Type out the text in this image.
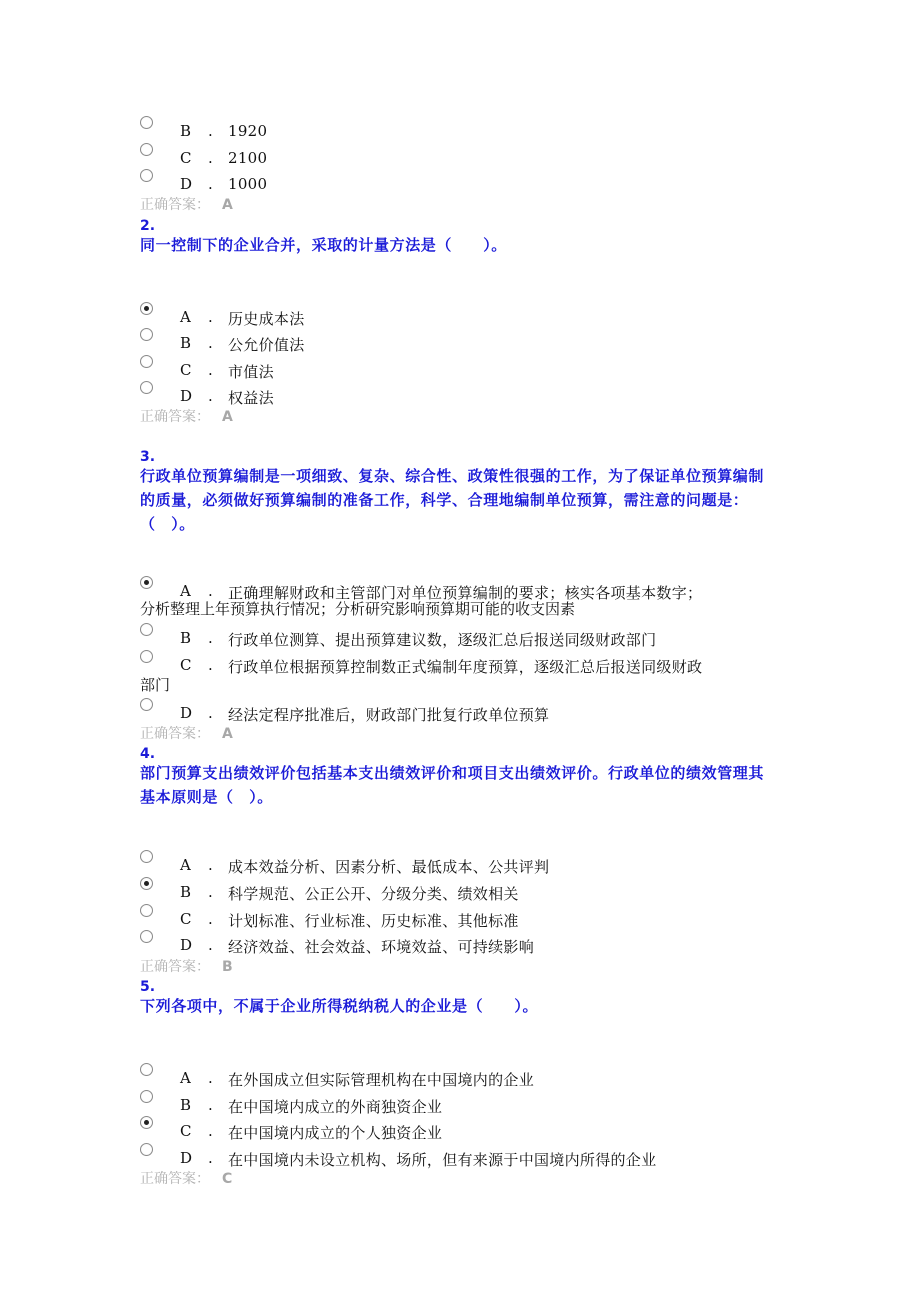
B . 1920
C . 2100
D . 1000
正确答案： A
2.
同一控制下的企业合并，采取的计量方法是（　　）。
A . 历史成本法
B . 公允价值法
C . 市值法
D . 权益法
正确答案： A
3.
行政单位预算编制是一项细致、复杂、综合性、政策性很强的工作，为了保证单位预算编制的质量，必须做好预算编制的准备工作，科学、合理地编制单位预算，需注意的问题是：（　）。
A . 正确理解财政和主管部门对单位预算编制的要求；核实各项基本数字；
分析整理上年预算执行情况；分析研究影响预算期可能的收支因素
B . 行政单位测算、提出预算建议数，逐级汇总后报送同级财政部门
C . 行政单位根据预算控制数正式编制年度预算，逐级汇总后报送同级财政
部门
D . 经法定程序批准后，财政部门批复行政单位预算
正确答案： A
4.
部门预算支出绩效评价包括基本支出绩效评价和项目支出绩效评价。行政单位的绩效管理其基本原则是（　）。
A . 成本效益分析、因素分析、最低成本、公共评判
B . 科学规范、公正公开、分级分类、绩效相关
C . 计划标准、行业标准、历史标准、其他标准
D . 经济效益、社会效益、环境效益、可持续影响
正确答案： B
5.
下列各项中，不属于企业所得税纳税人的企业是（　　）。
A . 在外国成立但实际管理机构在中国境内的企业
B . 在中国境内成立的外商独资企业
C . 在中国境内成立的个人独资企业
D . 在中国境内未设立机构、场所，但有来源于中国境内所得的企业
正确答案： C
